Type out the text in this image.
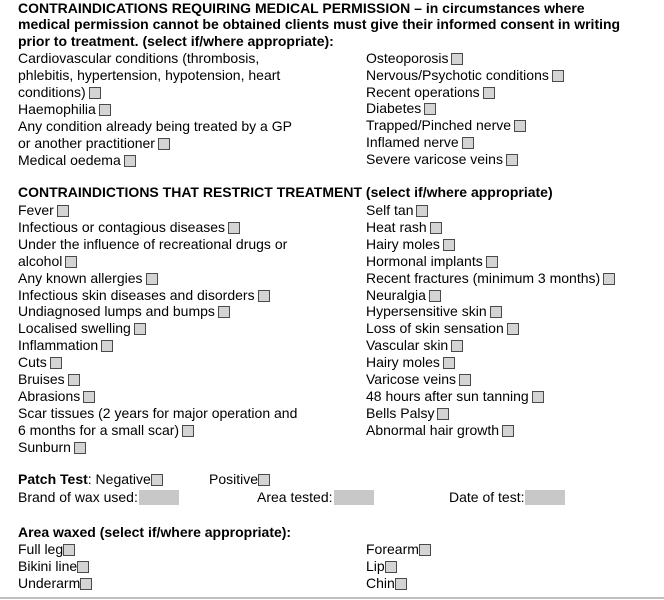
CONTRAINDICATIONS REQUIRING MEDICAL PERMISSION – in circumstances where
medical permission cannot be obtained clients must give their informed consent in writing
prior to treatment. (select if/where appropriate):
Cardiovascular conditions (thrombosis,
phlebitis, hypertension, hypotension, heart
conditions)
Haemophilia
Any condition already being treated by a GP
or another practitioner
Medical oedema
Osteoporosis
Nervous/Psychotic conditions
Recent operations
Diabetes
Trapped/Pinched nerve
Inflamed nerve
Severe varicose veins
CONTRAINDICTIONS THAT RESTRICT TREATMENT (select if/where appropriate)
Fever
Infectious or contagious diseases
Under the influence of recreational drugs or
alcohol
Any known allergies
Infectious skin diseases and disorders
Undiagnosed lumps and bumps
Localised swelling
Inflammation
Cuts
Bruises
Abrasions
Scar tissues (2 years for major operation and
6 months for a small scar)
Sunburn
Self tan
Heat rash
Hairy moles
Hormonal implants
Recent fractures (minimum 3 months)
Neuralgia
Hypersensitive skin
Loss of skin sensation
Vascular skin
Hairy moles
Varicose veins
48 hours after sun tanning
Bells Palsy
Abnormal hair growth
Patch Test: Negative	Positive
Brand of wax used:	Area tested:	Date of test:
Area waxed (select if/where appropriate):
Full leg
Bikini line
Underarm
Forearm
Lip
Chin
